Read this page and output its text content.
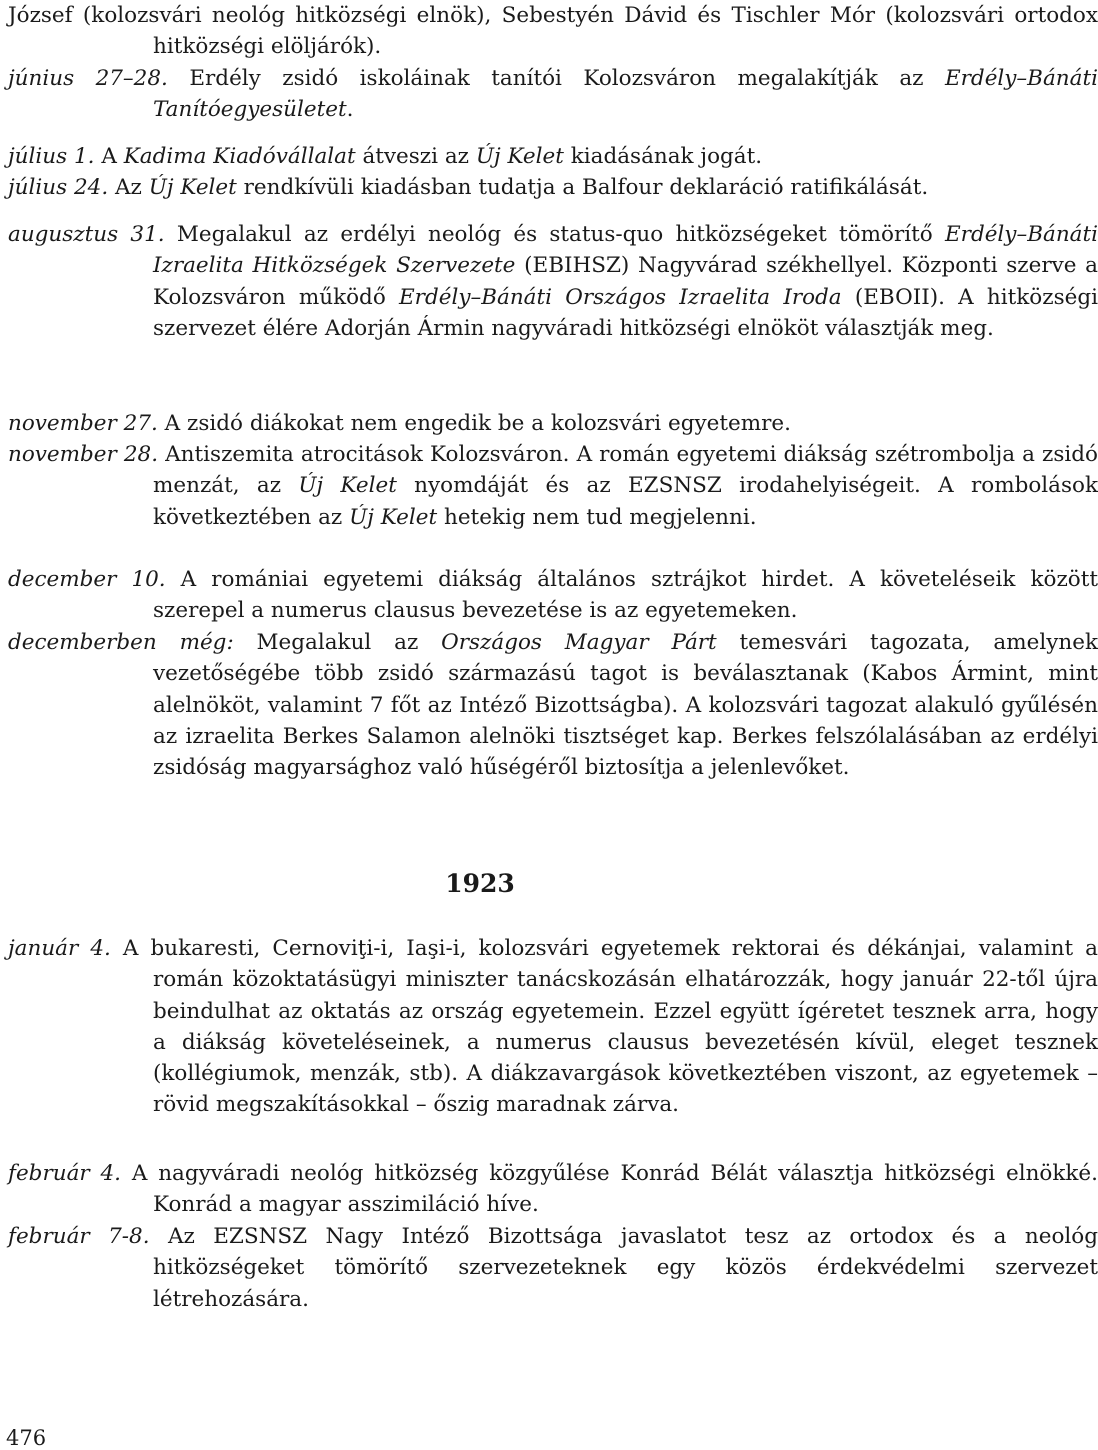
József (kolozsvári neológ hitközségi elnök), Sebestyén Dávid és Tischler Mór (kolozsvári ortodox hitközségi elöljárók).

június 27–28. Erdély zsidó iskoláinak tanítói Kolozsváron megalakítják az Erdély–Bánáti Tanítóegyesületet.

július 1. A Kadima Kiadóvállalat átveszi az Új Kelet kiadásának jogát.

július 24. Az Új Kelet rendkívüli kiadásban tudatja a Balfour deklaráció ratifikálását.

augusztus 31. Megalakul az erdélyi neológ és status-quo hitközségeket tömörítő Erdély–Bánáti Izraelita Hitközségek Szervezete (EBIHSZ) Nagyvárad székhellyel. Központi szerve a Kolozsváron működő Erdély–Bánáti Országos Izraelita Iroda (EBOII). A hitközségi szervezet élére Adorján Ármin nagyváradi hitközségi elnököt választják meg.

november 27. A zsidó diákokat nem engedik be a kolozsvári egyetemre.

november 28. Antiszemita atrocitások Kolozsváron. A román egyetemi diákság szétrombolja a zsidó menzát, az Új Kelet nyomdáját és az EZSNSZ irodahelyiségeit. A rombolások következtében az Új Kelet hetekig nem tud megjelenni.

december 10. A romániai egyetemi diákság általános sztrájkot hirdet. A követeléseik között szerepel a numerus clausus bevezetése is az egyetemeken.

decemberben még: Megalakul az Országos Magyar Párt temesvári tagozata, amelynek vezetőségébe több zsidó származású tagot is beválasztanak (Kabos Ármint, mint alelnököt, valamint 7 főt az Intéző Bizottságba). A kolozsvári tagozat alakuló gyűlésén az izraelita Berkes Salamon alelnöki tisztséget kap. Berkes felszólalásában az erdélyi zsidóság magyarsághoz való hűségéről biztosítja a jelenlevőket.

1923

január 4. A bukaresti, Cernoviţi-i, Iaşi-i, kolozsvári egyetemek rektorai és dékánjai, valamint a román közoktatásügyi miniszter tanácskozásán elhatározzák, hogy január 22-től újra beindulhat az oktatás az ország egyetemein. Ezzel együtt ígéretet tesznek arra, hogy a diákság követeléseinek, a numerus clausus bevezetésén kívül, eleget tesznek (kollégiumok, menzák, stb). A diákzavargások következtében viszont, az egyetemek – rövid megszakításokkal – őszig maradnak zárva.

február 4. A nagyváradi neológ hitközség közgyűlése Konrád Bélát választja hitközségi elnökké. Konrád a magyar asszimiláció híve.

február 7-8. Az EZSNSZ Nagy Intéző Bizottsága javaslatot tesz az ortodox és a neológ hitközségeket tömörítő szervezeteknek egy közös érdekvédelmi szervezet létrehozására.

476
